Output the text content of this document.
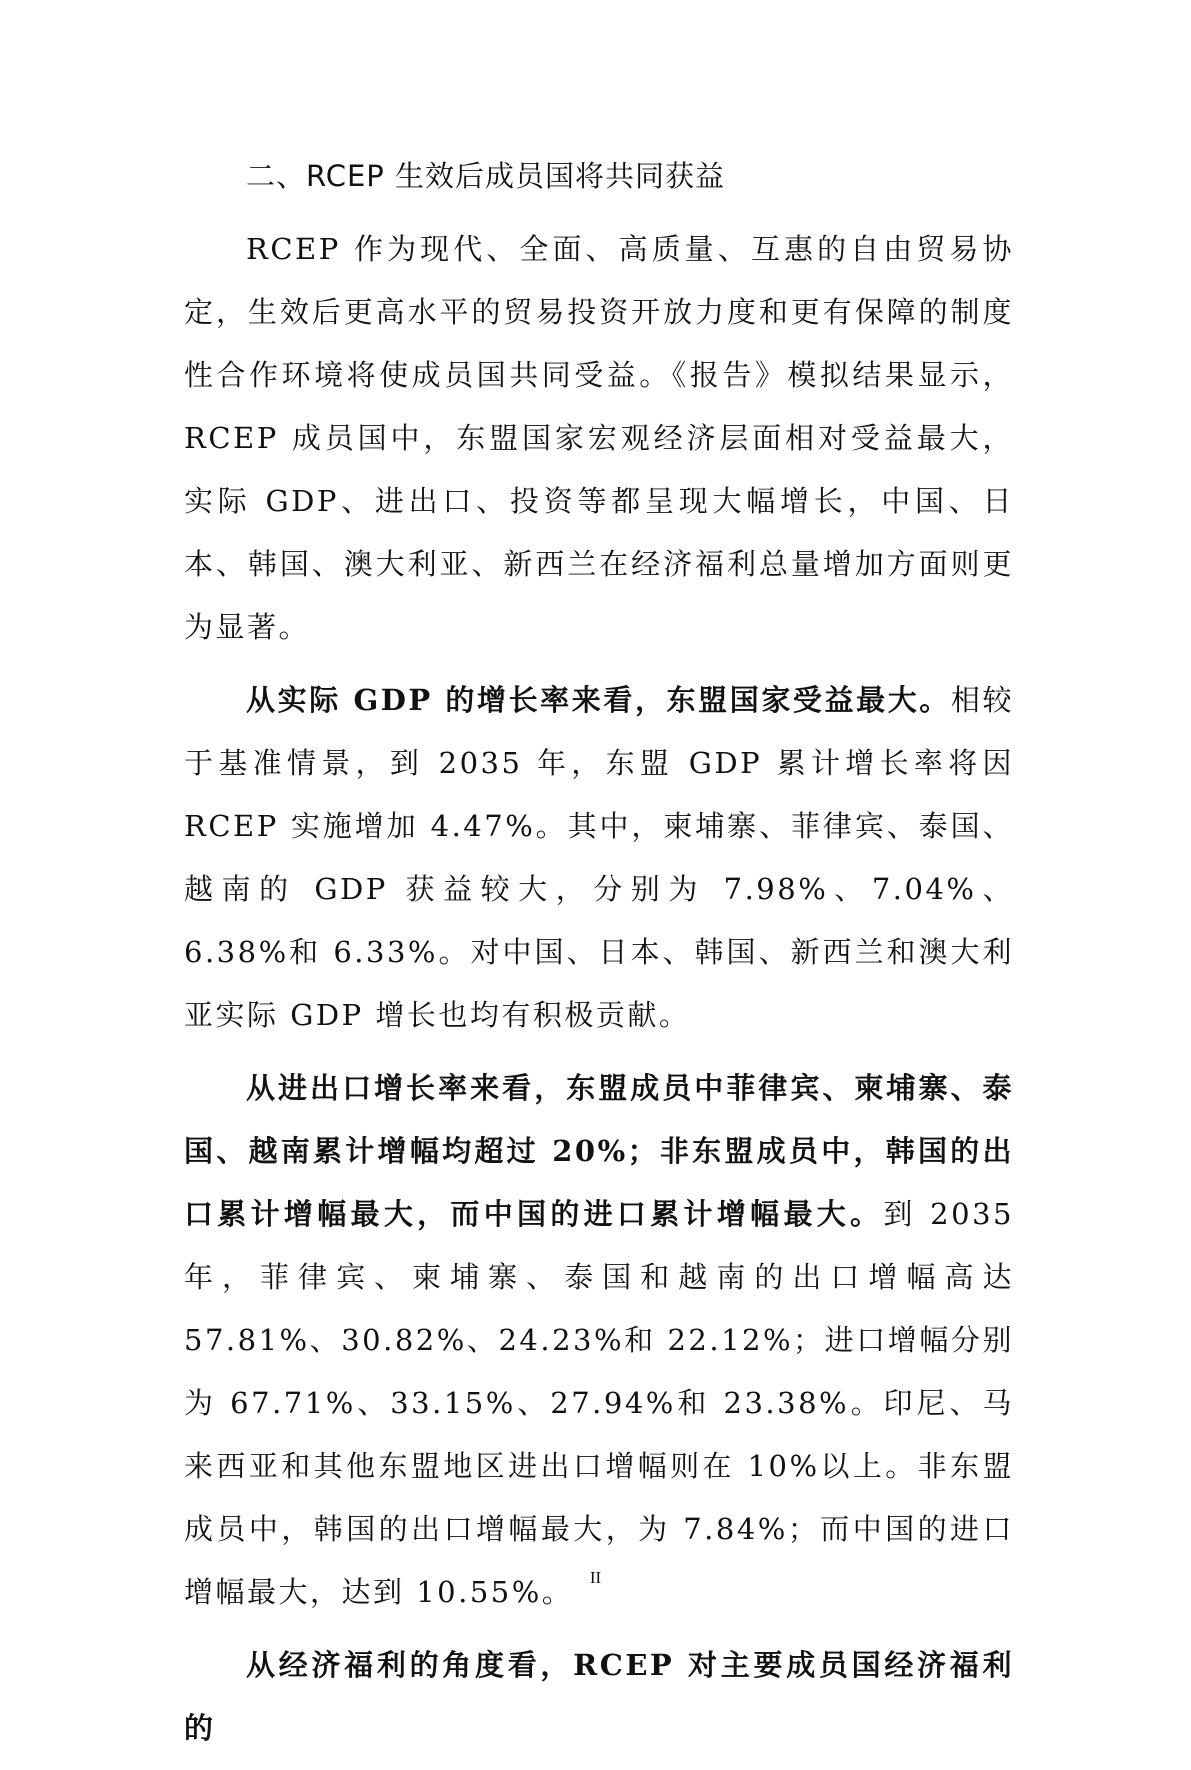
二、RCEP 生效后成员国将共同获益

RCEP 作为现代、全面、高质量、互惠的自由贸易协定，生效后更高水平的贸易投资开放力度和更有保障的制度性合作环境将使成员国共同受益。《报告》模拟结果显示，RCEP 成员国中，东盟国家宏观经济层面相对受益最大，实际 GDP、进出口、投资等都呈现大幅增长，中国、日本、韩国、澳大利亚、新西兰在经济福利总量增加方面则更为显著。

从实际 GDP 的增长率来看，东盟国家受益最大。相较于基准情景，到 2035 年，东盟 GDP 累计增长率将因 RCEP 实施增加 4.47%。其中，柬埔寨、菲律宾、泰国、越南的 GDP 获益较大，分别为 7.98%、7.04%、6.38%和 6.33%。对中国、日本、韩国、新西兰和澳大利亚实际 GDP 增长也均有积极贡献。

从进出口增长率来看，东盟成员中菲律宾、柬埔寨、泰国、越南累计增幅均超过 20%；非东盟成员中，韩国的出口累计增幅最大，而中国的进口累计增幅最大。到 2035 年，菲律宾、柬埔寨、泰国和越南的出口增幅高达 57.81%、30.82%、24.23%和 22.12%；进口增幅分别为 67.71%、33.15%、27.94%和 23.38%。印尼、马来西亚和其他东盟地区进出口增幅则在 10%以上。非东盟成员中，韩国的出口增幅最大，为 7.84%；而中国的进口增幅最大，达到 10.55%。

从经济福利的角度看，RCEP 对主要成员国经济福利的

II
